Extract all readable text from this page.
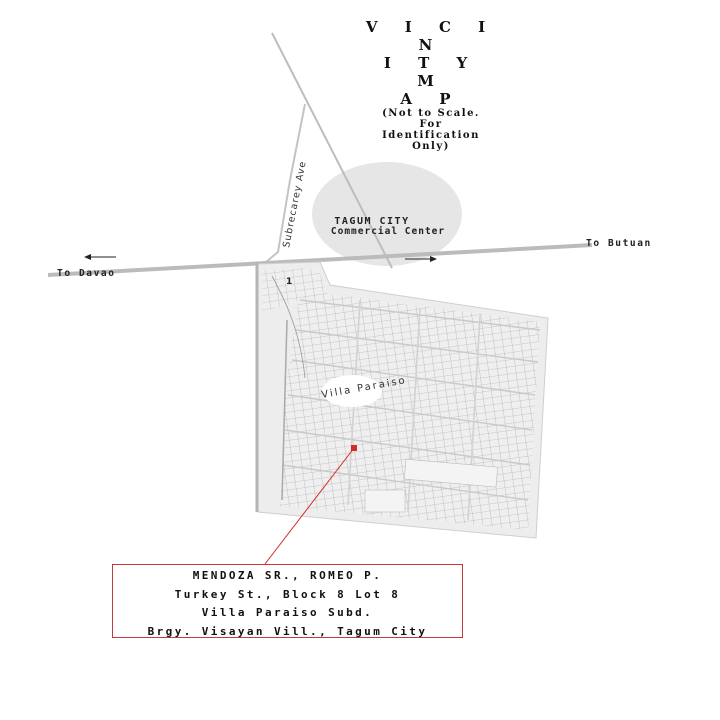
To Butuan
To Davao
TAGUM CITY
Commercial Center
Subrecarey Ave
Villa Paraiso
1
V I C I N
I T Y M
A P
(Not to Scale.
For
Identification
Only)
MENDOZA SR., ROMEO P.
Turkey St., Block 8 Lot 8
Villa Paraiso Subd.
Brgy. Visayan Vill., Tagum City
